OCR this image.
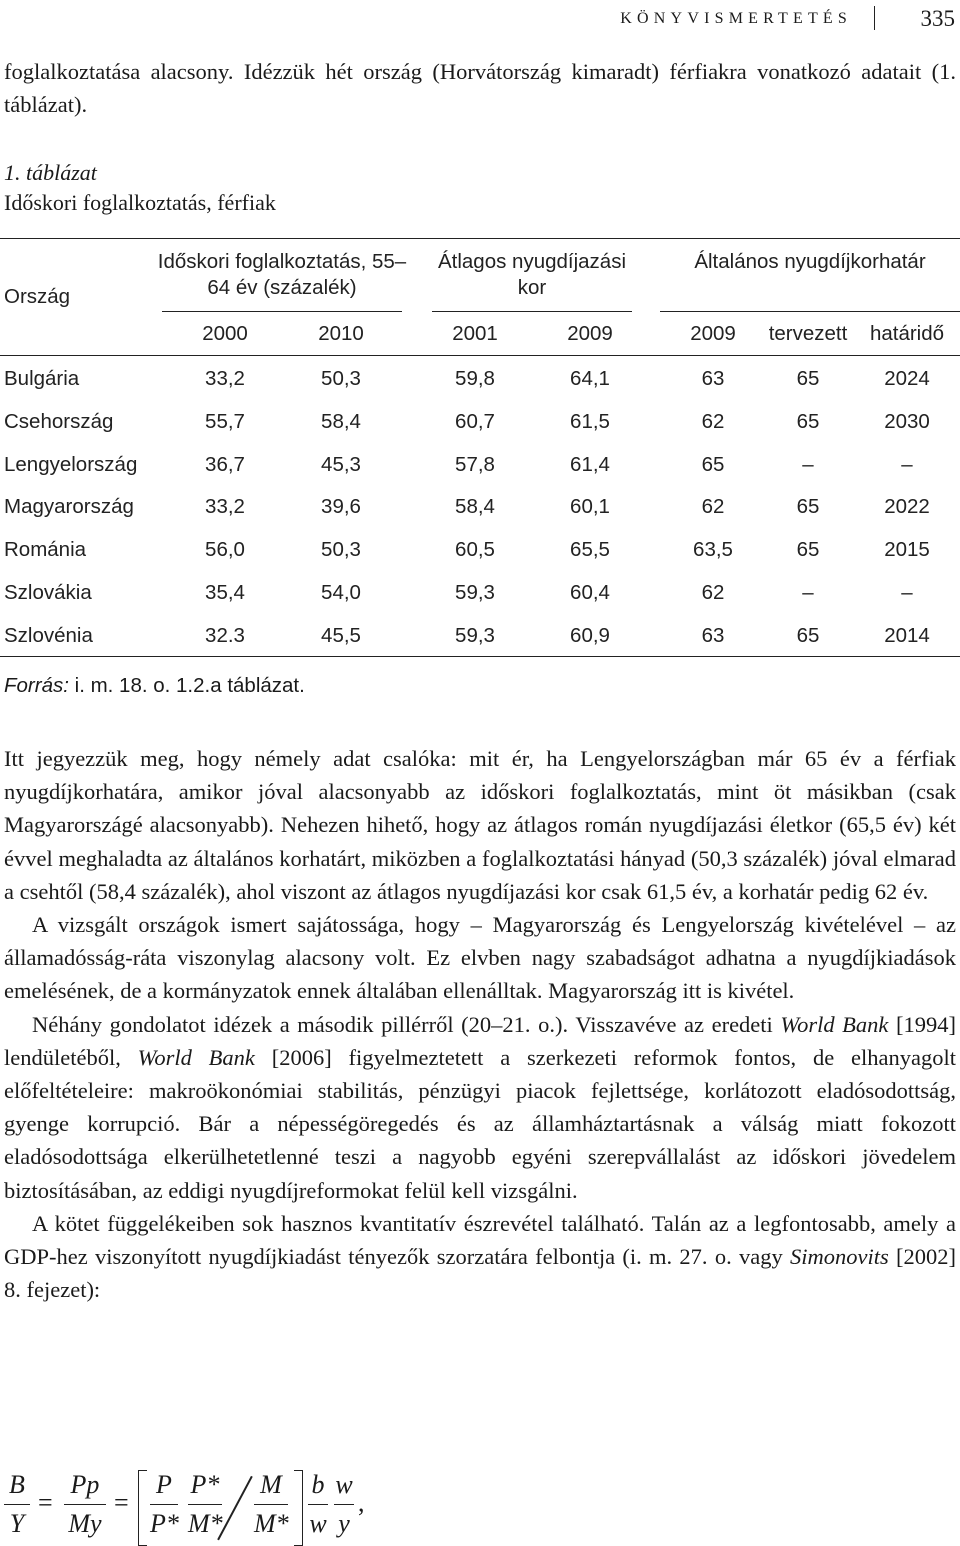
KÖNYVISMERTETÉS	335
foglalkoztatása alacsony. Idézzük hét ország (Horvátország kimaradt) férfiakra vonatkozó adatait (1. táblázat).
1. táblázat
Időskori foglalkoztatás, férfiak
Ország
Időskori foglalkoztatás, 55–64 év (százalék)
Átlagos nyugdíjazási kor
Általános nyugdíjkorhatár
2000	2010	2001	2009	2009	tervezett	határidő
Bulgária	33,2	50,3	59,8	64,1	63	65	2024
Csehország	55,7	58,4	60,7	61,5	62	65	2030
Lengyelország	36,7	45,3	57,8	61,4	65	–	–
Magyarország	33,2	39,6	58,4	60,1	62	65	2022
Románia	56,0	50,3	60,5	65,5	63,5	65	2015
Szlovákia	35,4	54,0	59,3	60,4	62	–	–
Szlovénia	32.3	45,5	59,3	60,9	63	65	2014
Forrás: i. m. 18. o. 1.2.a táblázat.

Itt jegyezzük meg, hogy némely adat csalóka: mit ér, ha Lengyelországban már 65 év a férfiak nyugdíjkorhatára, amikor jóval alacsonyabb az időskori foglalkoztatás, mint öt másikban (csak Magyarországé alacsonyabb). Nehezen hihető, hogy az átlagos román nyugdíjazási életkor (65,5 év) két évvel meghaladta az általános korhatárt, miközben a foglalkoztatási hányad (50,3 százalék) jóval elmarad a csehtől (58,4 százalék), ahol viszont az átlagos nyugdíjazási kor csak 61,5 év, a korhatár pedig 62 év.

A vizsgált országok ismert sajátossága, hogy – Magyarország és Lengyelország kivételével – az államadósság-ráta viszonylag alacsony volt. Ez elvben nagy szabadságot adhatna a nyugdíjkiadások emelésének, de a kormányzatok ennek általában ellenálltak. Magyarország itt is kivétel.

Néhány gondolatot idézek a második pillérről (20–21. o.). Visszavéve az eredeti World Bank [1994] lendületéből, World Bank [2006] figyelmeztetett a szerkezeti reformok fontos, de elhanyagolt előfeltételeire: makroökonómiai stabilitás, pénzügyi piacok fejlettsége, korlátozott eladósodottság, gyenge korrupció. Bár a népességöregedés és az államháztartásnak a válság miatt fokozott eladósodottsága elkerülhetetlenné teszi a nagyobb egyéni szerepvállalást az időskori jövedelem biztosításában, az eddigi nyugdíjreformokat felül kell vizsgálni.

A kötet függelékeiben sok hasznos kvantitatív észrevétel található. Talán az a legfontosabb, amely a GDP-hez viszonyított nyugdíjkiadást tényezők szorzatára felbontja (i. m. 27. o. vagy Simonovits [2002] 8. fejezet):

B
Y
=
Pp
My
=
P
P*
P*
M*
M
M*
b
w
w
y
,
